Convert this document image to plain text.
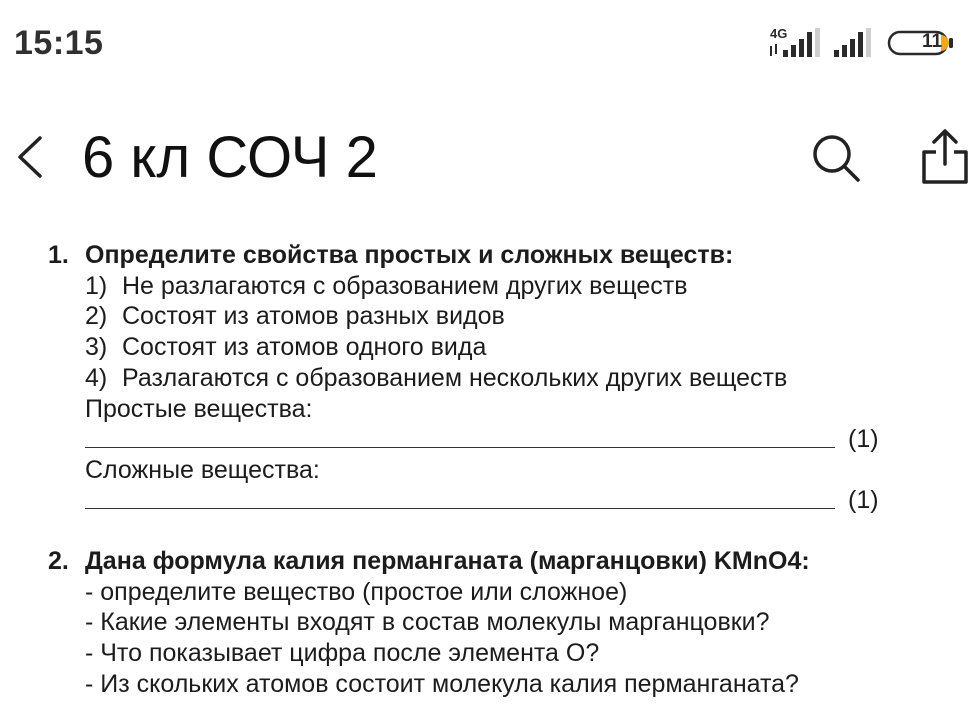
15:15	4G	11
6 кл СОЧ 2
1. Определите свойства простых и сложных веществ:
1) Не разлагаются с образованием других веществ
2) Состоят из атомов разных видов
3) Состоят из атомов одного вида
4) Разлагаются с образованием нескольких других веществ
Простые вещества:
(1)
Сложные вещества:
(1)
2. Дана формула калия перманганата (марганцовки) KMnO4:
- определите вещество (простое или сложное)
- Какие элементы входят в состав молекулы марганцовки?
- Что показывает цифра после элемента О?
- Из скольких атомов состоит молекула калия перманганата?
